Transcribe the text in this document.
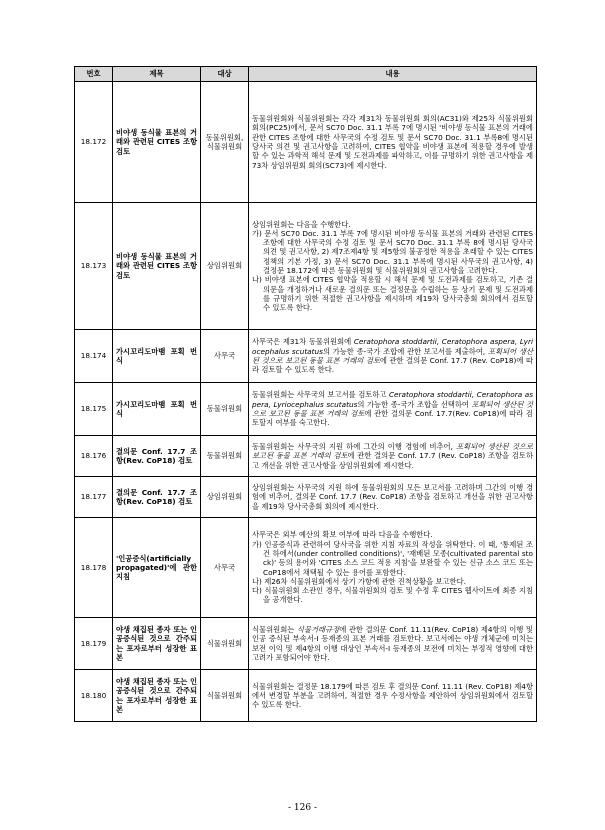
번호	제목	대상	내용
18.172	비야생 동식물 표본의 거래와 관련된 CITES 조항 검토	동물위원회, 식물위원회	동물위원회와 식물위원회는 각각 제31차 동물위원회 회의(AC31)와 제25차 식물위원회회의(PC25)에서, 문서 SC70 Doc. 31.1 부록 7에 명시된 '비야생 동식물 표본의 거래에 관한 CITES 조항에 대한 사무국의 수정 검토 및 문서 SC70 Doc. 31.1 부록8에 명시된 당사국 의견 및 권고사항을 고려하여, CITES 협약을 비야생 표본에 적용할 경우에 발생할 수 있는 과학적 해석 문제 및 도전과제를 파악하고, 이를 규명하기 위한 권고사항을 제73차 상임위원회 회의(SC73)에 제시한다.
18.173	비야생 동식물 표본의 거래와 관련된 CITES 조항 검토	상임위원회	상임위원회는 다음을 수행한다.
가) 문서 SC70 Doc. 31.1 부록 7에 명시된 비야생 동식물 표본의 거래와 관련된 CITES 조항에 대한 사무국의 수정 검토 및 문서 SC70 Doc. 31.1 부록 8에 명시된 당사국 의견 및 권고사항, 2) 제7조제4항 및 제5항의 불공정한 적용을 초래할 수 있는 CITES 정책의 기본 가정, 3) 문서 SC70 Doc. 31.1 부록에 명시된 사무국의 권고사항, 4) 결정문 18.172에 따른 동물위원회 및 식물위원회의 권고사항을 고려한다.
나) 비야생 표본에 CITES 협약을 적용할 시 해석 문제 및 도전과제를 검토하고, 기존 결의문을 개정하거나 새로운 결의문 또는 결정문을 수립하는 등 상기 문제 및 도전과제를 규명하기 위한 적절한 권고사항을 제시하며 제19차 당사국총회 회의에서 검토할 수 있도록 한다.

18.174	가시꼬리도마뱀 포획 번식	사무국	사무국은 제31차 동물위원회에 Ceratophora stoddartii, Ceratophora aspera, Lyriocephalus scutatus의 가능한 종-국가 조합에 관한 보고서를 제출하여, 포획되어 생산된 것으로 보고된 동물 표본 거래의 검토에 관한 결의문 Conf. 17.7 (Rev. CoP18)에 따라 검토할 수 있도록 한다.
18.175	가시꼬리도마뱀 포획 번식	동물위원회	동물위원회는 사무국의 보고서를 검토하고 Ceratophora stoddartii, Ceratophora aspera, Lyriocephalus scutatus의 가능한 종-국가 조합을 선택하여 포획되어 생산된 것으로 보고된 동물 표본 거래의 검토에 관한 결의문 Conf. 17.7(Rev. CoP18)에 따라 검토할지 여부를 숙고한다.
18.176	결의문 Conf. 17.7 조항(Rev. CoP18) 검토	동물위원회	동물위원회는 사무국의 지원 하에 그간의 이행 경험에 비추어, 포획되어 생산된 것으로 보고된 동물 표본 거래의 검토에 관한 결의문 Conf. 17.7 (Rev. CoP18) 조항을 검토하고 개선을 위한 권고사항을 상임위원회에 제시한다.
18.177	결의문 Conf. 17.7 조항(Rev. CoP18) 검토	상임위원회	상임위원회는 사무국의 지원 하에 동물위원회의 모든 보고서를 고려하며 그간의 이행 경험에 비추어, 결의문 Conf. 17.7 (Rev. CoP18) 조항을 검토하고 개선을 위한 권고사항을 제19차 당사국총회 회의에 제시한다.
18.178	'인공증식(artificially propagated)'에 관한 지침	사무국	사무국은 외부 예산의 확보 여부에 따라 다음을 수행한다.
가) 인공증식과 관련하여 당사국을 위한 지침 자료의 작성을 위탁한다. 이 때, '통제된 조건 하에서(under controlled conditions)', '재배된 모종(cultivated parental stock)' 등의 용어와 'CITES 소스 코드 적용 지침'을 보완할 수 있는 신규 소스 코드 또는 CoP18에서 채택될 수 있는 용어를 포함한다.
나) 제26차 식물위원회에서 상기 가항에 관한 진척상황을 보고한다.
다) 식물위원회 소관인 경우, 식물위원회의 검토 및 수정 후 CITES 웹사이트에 최종 지침을 공개한다.

18.179	야생 채집된 종자 또는 인공증식된 것으로 간주되는 포자로부터 성장한 표본	식물위원회	식물위원회는 식물거래규정에 관한 결의문 Conf. 11.11(Rev. CoP18) 제4항의 이행 및 인공 증식된 부속서-I 등재종의 표본 거래를 검토한다. 보고서에는 야생 개체군에 미치는 보전 이익 및 제4항의 이행 대상인 부속서-I 등재종의 보전에 미치는 부정적 영향에 대한 고려가 포함되어야 한다.
18.180	야생 채집된 종자 또는 인공증식된 것으로 간주되는 포자로부터 성장한 표본	식물위원회	식물위원회는 결정문 18.179에 따른 검토 후 결의문 Conf. 11.11 (Rev. CoP18) 제4항에서 변경할 부분을 고려하여, 적절한 경우 수정사항을 제안하여 상임위원회에서 검토할 수 있도록 한다.
- 126 -
